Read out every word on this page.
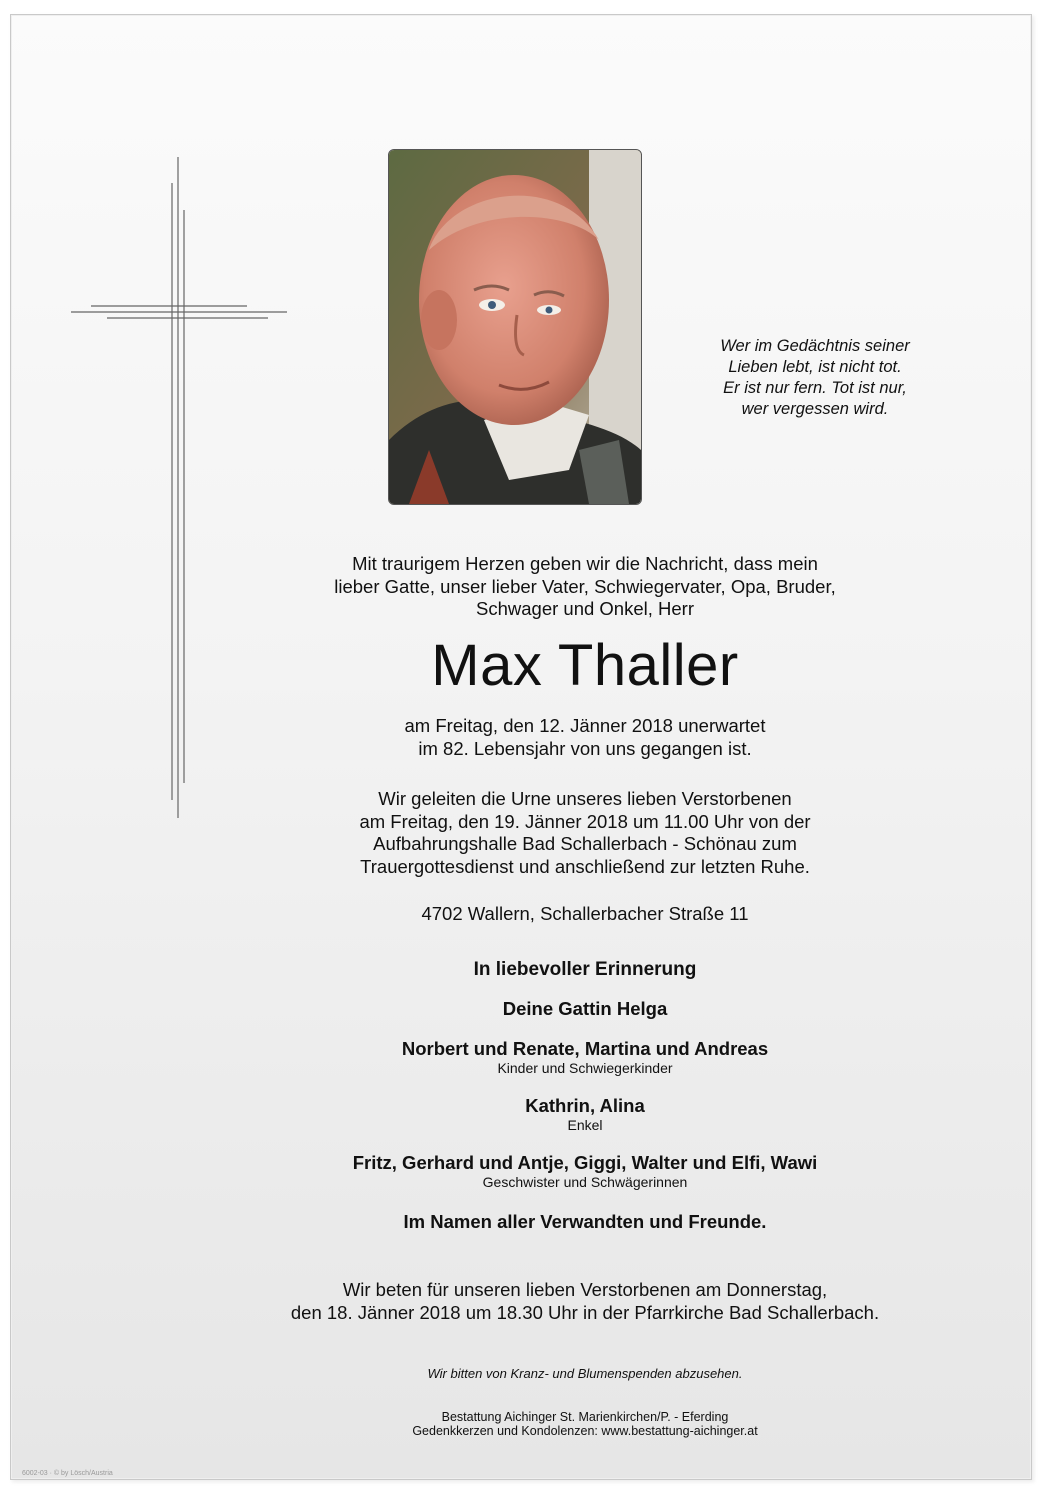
Wer im Gedächtnis seiner
Lieben lebt, ist nicht tot.
Er ist nur fern. Tot ist nur,
wer vergessen wird.
Mit traurigem Herzen geben wir die Nachricht, dass mein
lieber Gatte, unser lieber Vater, Schwiegervater, Opa, Bruder,
Schwager und Onkel, Herr
Max Thaller
am Freitag, den 12. Jänner 2018 unerwartet
im 82. Lebensjahr von uns gegangen ist.
Wir geleiten die Urne unseres lieben Verstorbenen
am Freitag, den 19. Jänner 2018 um 11.00 Uhr von der
Aufbahrungshalle Bad Schallerbach - Schönau zum
Trauergottesdienst und anschließend zur letzten Ruhe.
4702 Wallern, Schallerbacher Straße 11
In liebevoller Erinnerung
Deine Gattin Helga
Norbert und Renate, Martina und Andreas
Kinder und Schwiegerkinder
Kathrin, Alina
Enkel
Fritz, Gerhard und Antje, Giggi, Walter und Elfi, Wawi
Geschwister und Schwägerinnen
Im Namen aller Verwandten und Freunde.
Wir beten für unseren lieben Verstorbenen am Donnerstag,
den 18. Jänner 2018 um 18.30 Uhr in der Pfarrkirche Bad Schallerbach.
Wir bitten von Kranz- und Blumenspenden abzusehen.
Bestattung Aichinger St. Marienkirchen/P. - Eferding
Gedenkkerzen und Kondolenzen: www.bestattung-aichinger.at
6002-03 · © by Lösch/Austria
